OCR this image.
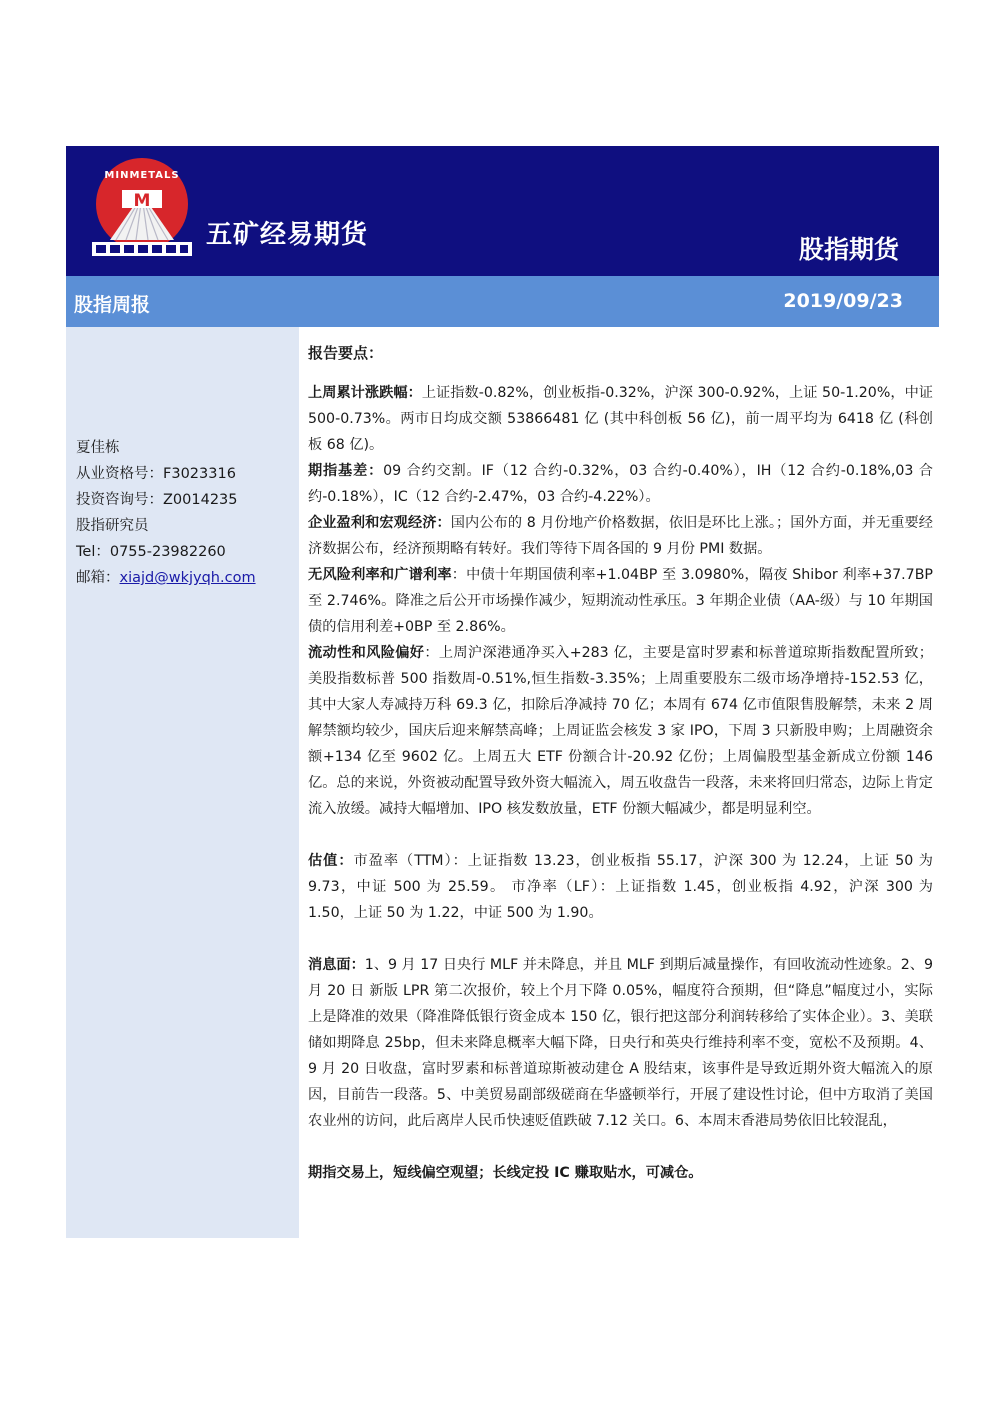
M
MINMETALS
五矿经易期货	股指期货
股指周报	2019/09/23
夏佳栋
从业资格号：F3023316
投资咨询号：Z0014235
股指研究员
Tel：0755-23982260
邮箱：xiajd@wkjyqh.com

报告要点：

上周累计涨跌幅：上证指数-0.82%，创业板指-0.32%，沪深 300-0.92%，上证 50-1.20%，中证 500-0.73%。两市日均成交额 53866481 亿 (其中科创板 56 亿)，前一周平均为 6418 亿 (科创板 68 亿)。

期指基差：09 合约交割。IF（12 合约-0.32%，03 合约-0.40%），IH（12 合约-0.18%,03 合约-0.18%），IC（12 合约-2.47%，03 合约-4.22%）。

企业盈利和宏观经济：国内公布的 8 月份地产价格数据，依旧是环比上涨。；国外方面，并无重要经济数据公布，经济预期略有转好。我们等待下周各国的 9 月份 PMI 数据。

无风险利率和广谱利率：中债十年期国债利率+1.04BP 至 3.0980%，隔夜 Shibor 利率+37.7BP 至 2.746%。降准之后公开市场操作减少，短期流动性承压。3 年期企业债（AA-级）与 10 年期国债的信用利差+0BP 至 2.86%。

流动性和风险偏好：上周沪深港通净买入+283 亿，主要是富时罗素和标普道琼斯指数配置所致；美股指数标普 500 指数周-0.51%,恒生指数-3.35%；上周重要股东二级市场净增持-152.53 亿，其中大家人寿减持万科 69.3 亿，扣除后净减持 70 亿；本周有 674 亿市值限售股解禁，未来 2 周解禁额均较少，国庆后迎来解禁高峰；上周证监会核发 3 家 IPO，下周 3 只新股申购；上周融资余额+134 亿至 9602 亿。上周五大 ETF 份额合计-20.92 亿份；上周偏股型基金新成立份额 146 亿。总的来说，外资被动配置导致外资大幅流入，周五收盘告一段落，未来将回归常态，边际上肯定流入放缓。减持大幅增加、IPO 核发数放量，ETF 份额大幅减少，都是明显利空。

估值：市盈率（TTM）：上证指数 13.23，创业板指 55.17，沪深 300 为 12.24，上证 50 为 9.73，中证 500 为 25.59。 市净率（LF）：上证指数 1.45，创业板指 4.92，沪深 300 为 1.50，上证 50 为 1.22，中证 500 为 1.90。

消息面：1、9 月 17 日央行 MLF 并未降息，并且 MLF 到期后减量操作，有回收流动性迹象。2、9 月 20 日 新版 LPR 第二次报价，较上个月下降 0.05%，幅度符合预期，但“降息”幅度过小，实际上是降准的效果（降准降低银行资金成本 150 亿，银行把这部分利润转移给了实体企业）。3、美联储如期降息 25bp，但未来降息概率大幅下降，日央行和英央行维持利率不变，宽松不及预期。4、9 月 20 日收盘，富时罗素和标普道琼斯被动建仓 A 股结束，该事件是导致近期外资大幅流入的原因，目前告一段落。5、中美贸易副部级磋商在华盛顿举行，开展了建设性讨论，但中方取消了美国农业州的访问，此后离岸人民币快速贬值跌破 7.12 关口。6、本周末香港局势依旧比较混乱，

期指交易上，短线偏空观望；长线定投 IC 赚取贴水，可减仓。
